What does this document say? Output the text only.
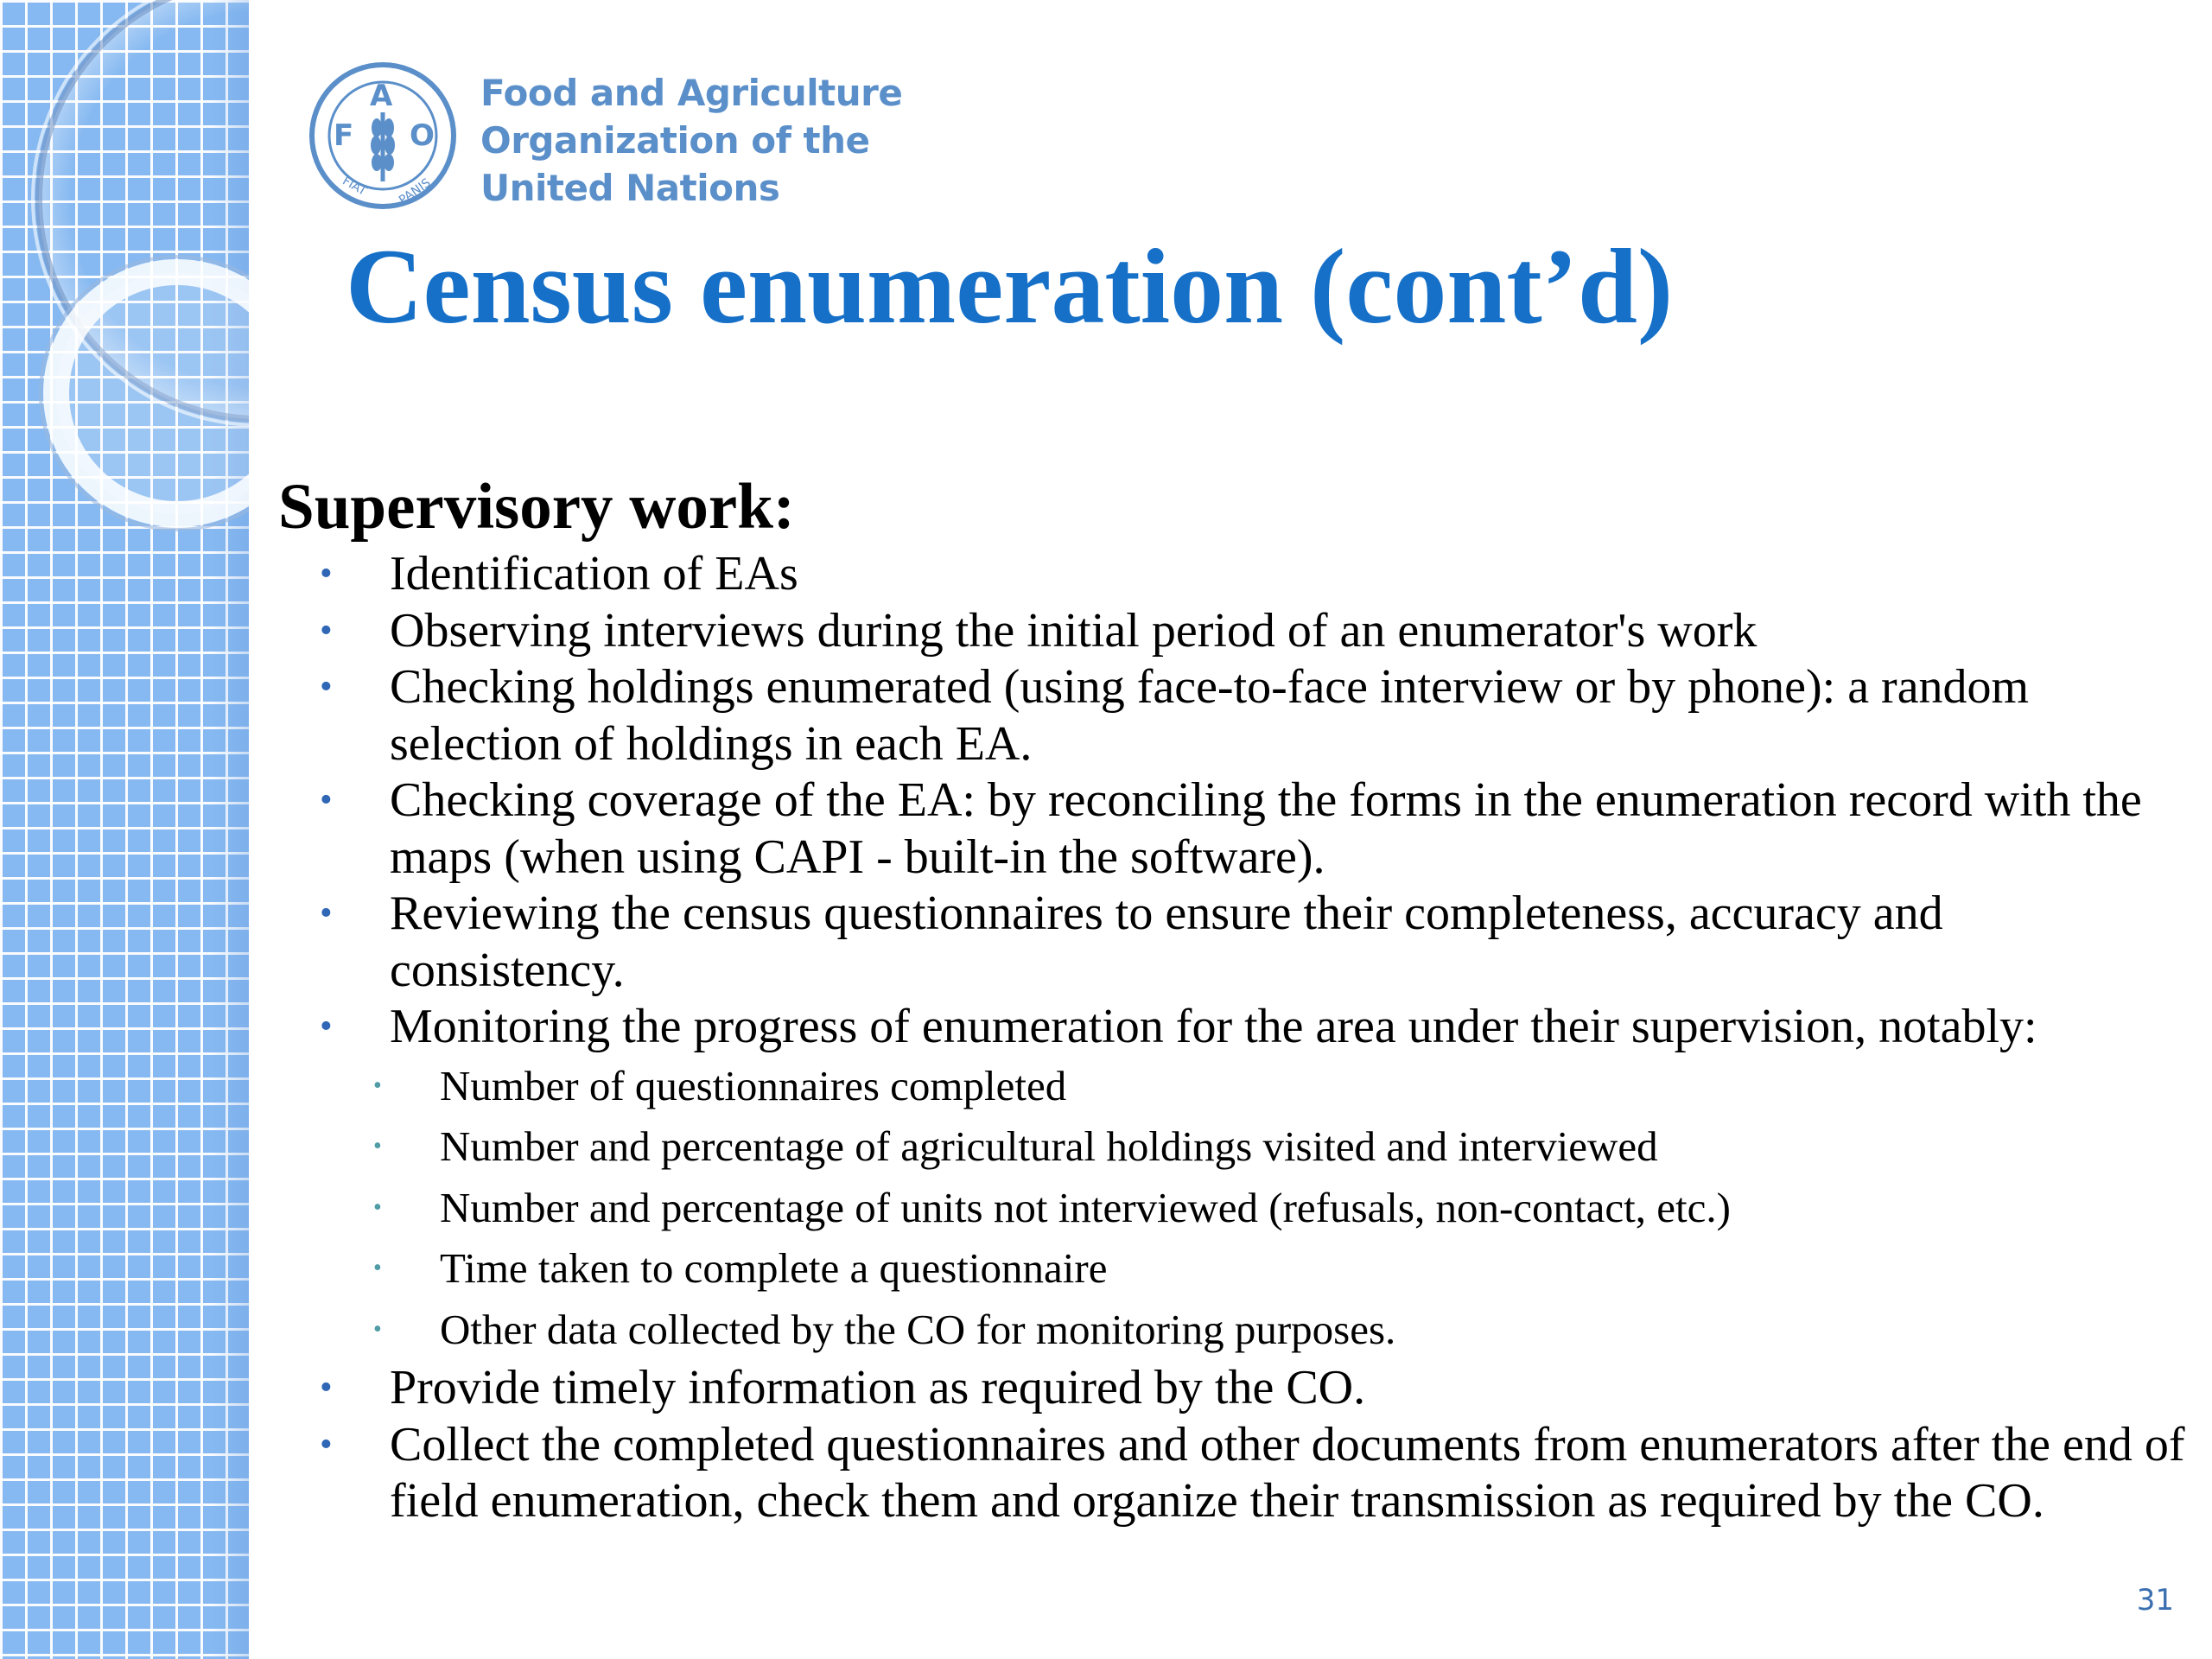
F
A
O
FIAT PANIS
Food and Agriculture
Organization of the
United Nations
Census enumeration (cont’d)
Supervisory work:
• Identification of EAs
• Observing interviews during the initial period of an enumerator's work
• Checking holdings enumerated (using face-to-face interview or by phone): a random selection of holdings in each EA.
• Checking coverage of the EA: by reconciling the forms in the enumeration record with the maps (when using CAPI - built-in the software).
• Reviewing the census questionnaires to ensure their completeness, accuracy and consistency.
• Monitoring the progress of enumeration for the area under their supervision, notably:
• Number of questionnaires completed
• Number and percentage of agricultural holdings visited and interviewed
• Number and percentage of units not interviewed (refusals, non-contact, etc.)
• Time taken to complete a questionnaire
• Other data collected by the CO for monitoring purposes.
• Provide timely information as required by the CO.
• Collect the completed questionnaires and other documents from enumerators after the end of field enumeration, check them and organize their transmission as required by the CO.
31
